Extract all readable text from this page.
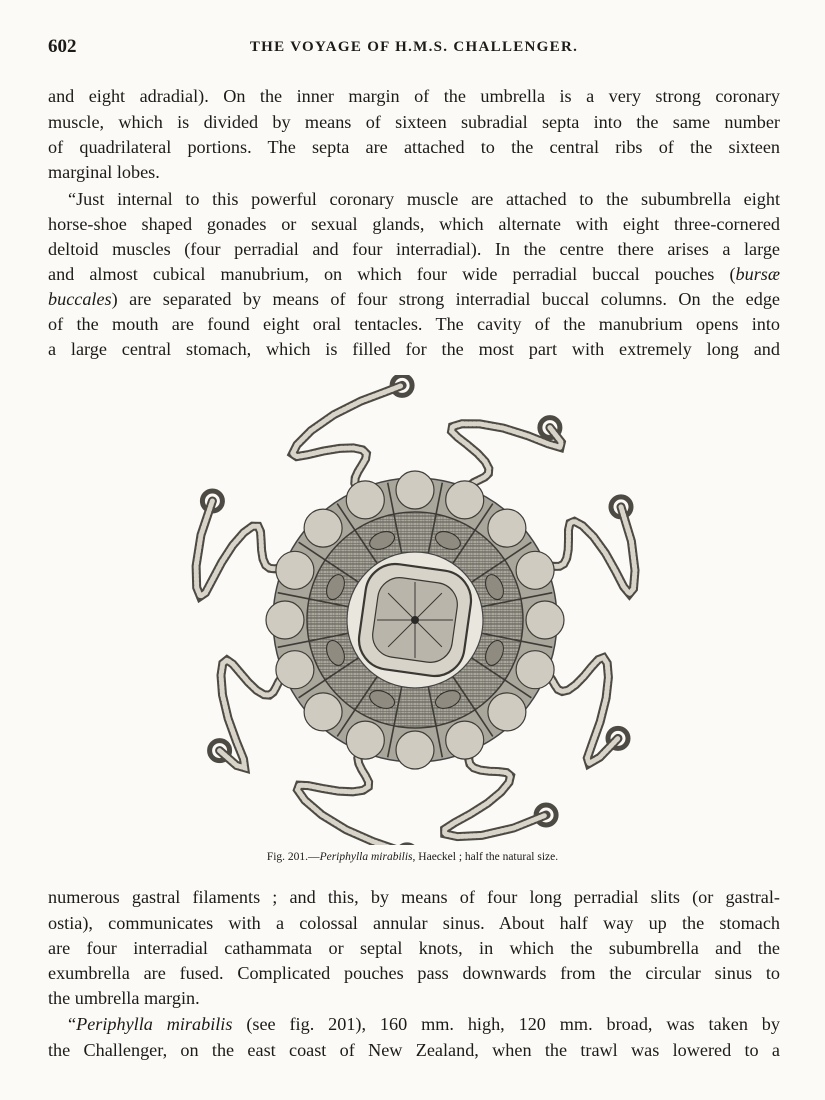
602	THE VOYAGE OF H.M.S. CHALLENGER.
and eight adradial). On the inner margin of the umbrella is a very strong coronary
muscle, which is divided by means of sixteen subradial septa into the same number
of quadrilateral portions. The septa are attached to the central ribs of the sixteen
marginal lobes.
“Just internal to this powerful coronary muscle are attached to the subumbrella eight
horse-shoe shaped gonades or sexual glands, which alternate with eight three-cornered
deltoid muscles (four perradial and four interradial). In the centre there arises a large
and almost cubical manubrium, on which four wide perradial buccal pouches (bursæ
buccales) are separated by means of four strong interradial buccal columns. On the edge
of the mouth are found eight oral tentacles. The cavity of the manubrium opens into
a large central stomach, which is filled for the most part with extremely long and
Fig. 201.—Periphylla mirabilis, Haeckel ; half the natural size.
numerous gastral filaments ; and this, by means of four long perradial slits (or gastral-
ostia), communicates with a colossal annular sinus. About half way up the stomach
are four interradial cathammata or septal knots, in which the subumbrella and the
exumbrella are fused. Complicated pouches pass downwards from the circular sinus to
the umbrella margin.
“Periphylla mirabilis (see fig. 201), 160 mm. high, 120 mm. broad, was taken by
the Challenger, on the east coast of New Zealand, when the trawl was lowered to a
